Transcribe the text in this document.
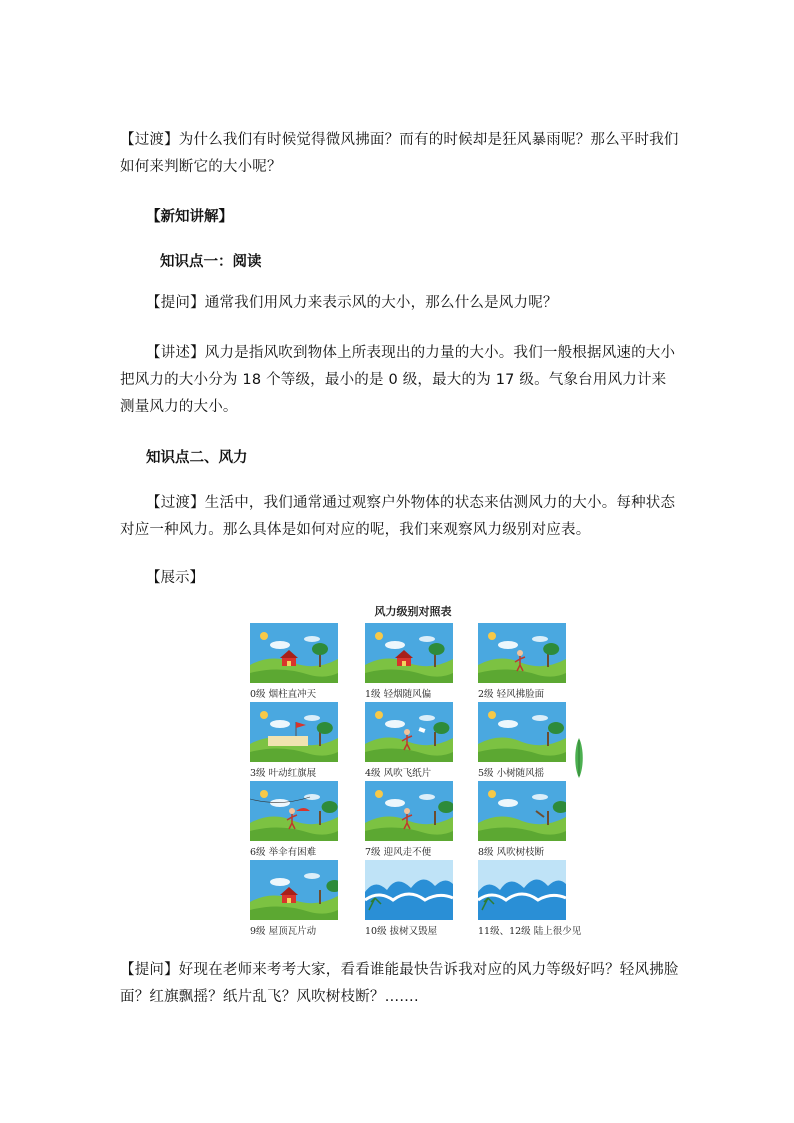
【过渡】为什么我们有时候觉得微风拂面？而有的时候却是狂风暴雨呢？那么平时我们如何来判断它的大小呢？

【新知讲解】

知识点一：阅读

【提问】通常我们用风力来表示风的大小，那么什么是风力呢？

【讲述】风力是指风吹到物体上所表现出的力量的大小。我们一般根据风速的大小把风力的大小分为 18 个等级，最小的是 0 级，最大的为 17 级。气象台用风力计来测量风力的大小。

知识点二、风力

【过渡】生活中，我们通常通过观察户外物体的状态来估测风力的大小。每种状态对应一种风力。那么具体是如何对应的呢，我们来观察风力级别对应表。

【展示】

风力级别对照表
0级 烟柱直冲天	1级 轻烟随风偏	2级 轻风拂脸面
3级 叶动红旗展	4级 风吹飞纸片	5级 小树随风摇
6级 举伞有困难	7级 迎风走不便	8级 风吹树枝断
9级 屋顶瓦片动	10级 拔树又毁屋	11级、12级 陆上很少见

【提问】好现在老师来考考大家，看看谁能最快告诉我对应的风力等级好吗？轻风拂脸面？红旗飘摇？纸片乱飞？风吹树枝断？…….
